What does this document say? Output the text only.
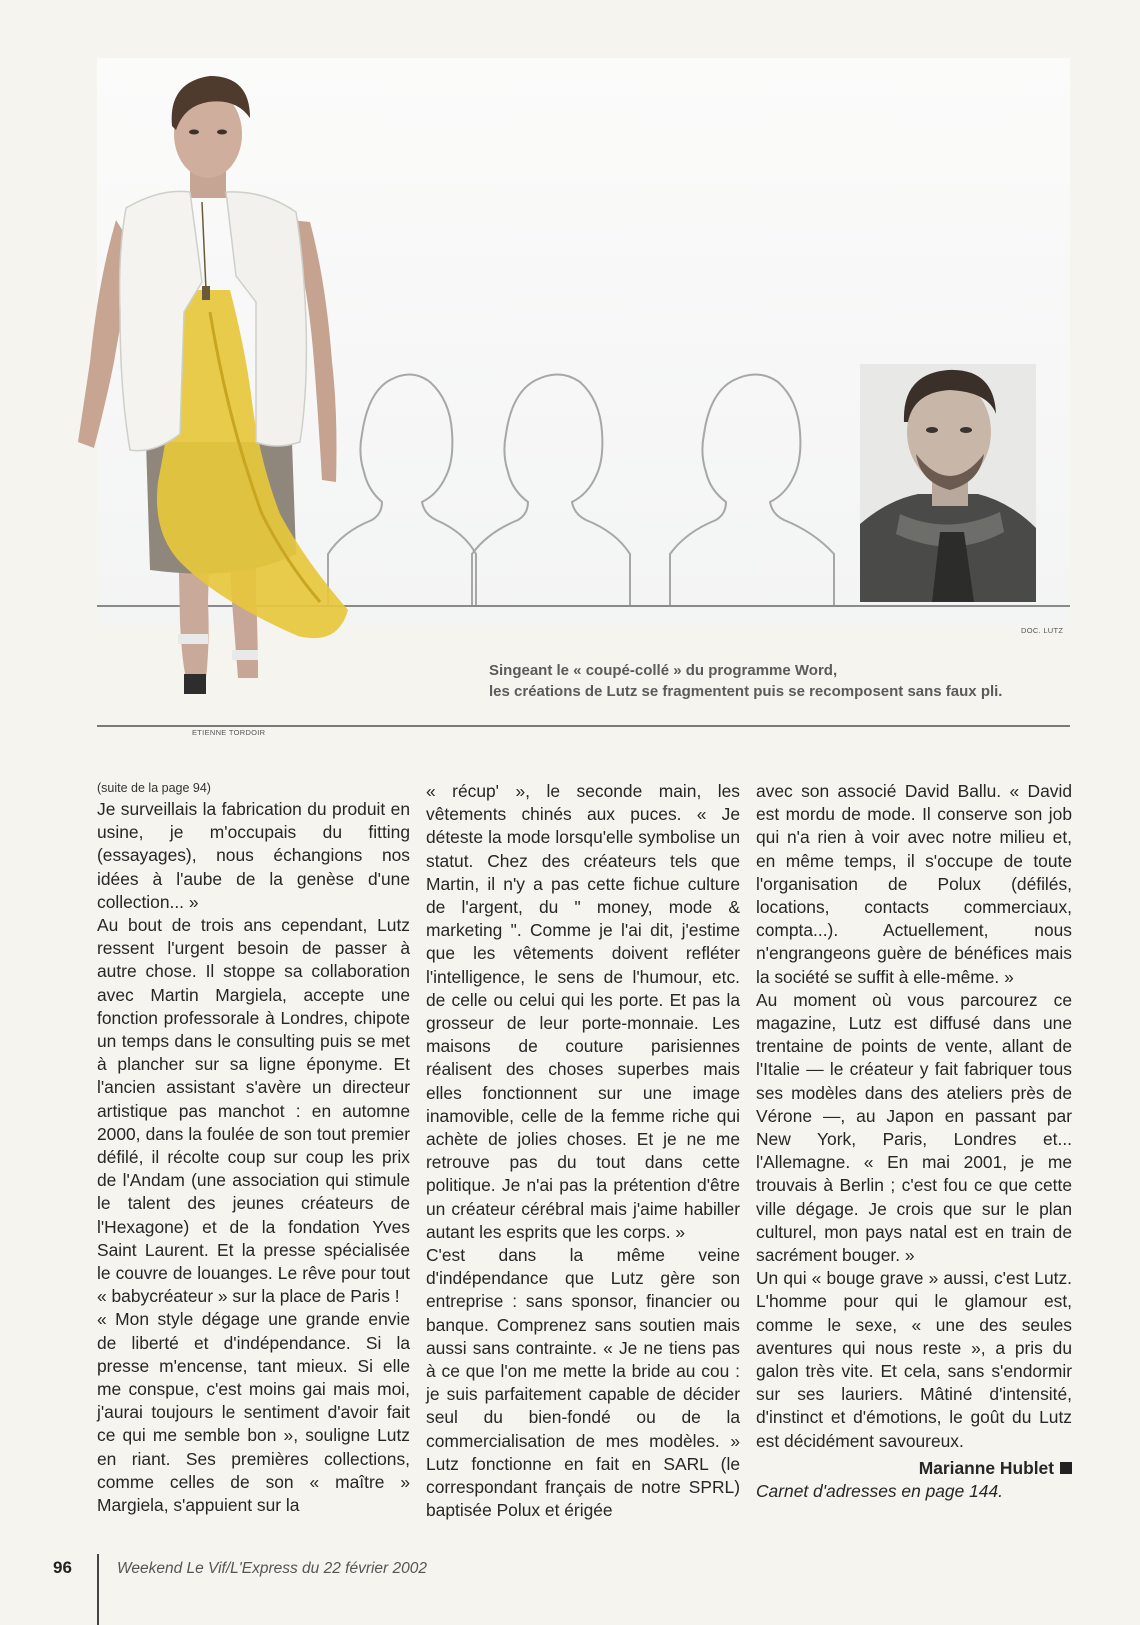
DOC. LUTZ
Singeant le « coupé-collé » du programme Word,
les créations de Lutz se fragmentent puis se recomposent sans faux pli.
ETIENNE TORDOIR

(suite de la page 94)

Je surveillais la fabrication du produit en usine, je m'occupais du fitting (essayages), nous échangions nos idées à l'aube de la genèse d'une collection... »

Au bout de trois ans cependant, Lutz ressent l'urgent besoin de passer à autre chose. Il stoppe sa collaboration avec Martin Margiela, accepte une fonction professorale à Londres, chipote un temps dans le consulting puis se met à plancher sur sa ligne éponyme. Et l'ancien assistant s'avère un directeur artistique pas manchot : en automne 2000, dans la foulée de son tout premier défilé, il récolte coup sur coup les prix de l'Andam (une association qui stimule le talent des jeunes créateurs de l'Hexagone) et de la fondation Yves Saint Laurent. Et la presse spécialisée le couvre de louanges. Le rêve pour tout « babycréateur » sur la place de Paris !

« Mon style dégage une grande envie de liberté et d'indépendance. Si la presse m'encense, tant mieux. Si elle me conspue, c'est moins gai mais moi, j'aurai toujours le sentiment d'avoir fait ce qui me semble bon », souligne Lutz en riant. Ses premières collections, comme celles de son « maître » Margiela, s'appuient sur la

« récup' », le seconde main, les vêtements chinés aux puces. « Je déteste la mode lorsqu'elle symbolise un statut. Chez des créateurs tels que Martin, il n'y a pas cette fichue culture de l'argent, du " money, mode & marketing ". Comme je l'ai dit, j'estime que les vêtements doivent refléter l'intelligence, le sens de l'humour, etc. de celle ou celui qui les porte. Et pas la grosseur de leur porte-monnaie. Les maisons de couture parisiennes réalisent des choses superbes mais elles fonctionnent sur une image inamovible, celle de la femme riche qui achète de jolies choses. Et je ne me retrouve pas du tout dans cette politique. Je n'ai pas la prétention d'être un créateur cérébral mais j'aime habiller autant les esprits que les corps. »

C'est dans la même veine d'indépendance que Lutz gère son entreprise : sans sponsor, financier ou banque. Comprenez sans soutien mais aussi sans contrainte. « Je ne tiens pas à ce que l'on me mette la bride au cou : je suis parfaitement capable de décider seul du bien-fondé ou de la commercialisation de mes modèles. » Lutz fonctionne en fait en SARL (le correspondant français de notre SPRL) baptisée Polux et érigée

avec son associé David Ballu. « David est mordu de mode. Il conserve son job qui n'a rien à voir avec notre milieu et, en même temps, il s'occupe de toute l'organisation de Polux (défilés, locations, contacts commerciaux, compta...). Actuellement, nous n'engrangeons guère de bénéfices mais la société se suffit à elle-même. »

Au moment où vous parcourez ce magazine, Lutz est diffusé dans une trentaine de points de vente, allant de l'Italie — le créateur y fait fabriquer tous ses modèles dans des ateliers près de Vérone —, au Japon en passant par New York, Paris, Londres et... l'Allemagne. « En mai 2001, je me trouvais à Berlin ; c'est fou ce que cette ville dégage. Je crois que sur le plan culturel, mon pays natal est en train de sacrément bouger. »

Un qui « bouge grave » aussi, c'est Lutz. L'homme pour qui le glamour est, comme le sexe, « une des seules aventures qui nous reste », a pris du galon très vite. Et cela, sans s'endormir sur ses lauriers. Mâtiné d'intensité, d'instinct et d'émotions, le goût du Lutz est décidément savoureux.

Marianne Hublet

Carnet d'adresses en page 144.

96	Weekend Le Vif/L'Express du 22 février 2002
